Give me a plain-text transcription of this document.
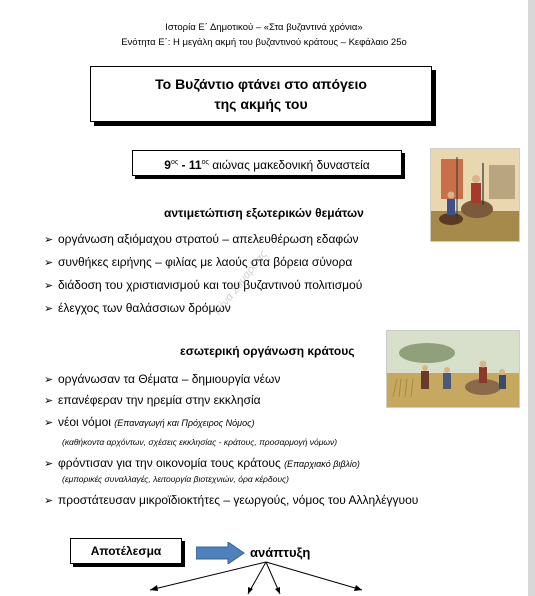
Ιστορία Ε΄ Δημοτικού – «Στα βυζαντινά χρόνια»
Ενότητα Ε΄: Η μεγάλη ακμή του βυζαντινού κράτους – Κεφάλαιο 25ο
Το Βυζάντιο φτάνει στο απόγειο
της ακμής του
$9^{o\varsigma} - 11^{o\varsigma}$ αιώνας μακεδονική δυναστεία
αντιμετώπιση εξωτερικών θεμάτων
➢ οργάνωση αξιόμαχου στρατού – απελευθέρωση εδαφών
➢ συνθήκες ειρήνης – φιλίας με λαούς στα βόρεια σύνορα
➢ διάδοση του χριστιανισμού και του βυζαντινού πολιτισμού
➢ έλεγχος των θαλάσσιων δρόμων
Ρένα Σαμαρίνας
εσωτερική οργάνωση κράτους
➢ οργάνωσαν τα Θέματα – δημιουργία νέων
➢ επανέφεραν την ηρεμία στην εκκλησία
➢ νέοι νόμοι (Επαναγωγή και Πρόχειρος Νόμος)
➢ φρόντισαν για την οικονομία τους κράτους (Επαρχιακό βιβλίο)
➢ προστάτευσαν μικροϊδιοκτήτες – γεωργούς, νόμος του Αλληλέγγυου
(καθήκοντα αρχόντων, σχέσεις εκκλησίας - κράτους, προσαρμογή νόμων)
(εμπορικές συναλλαγές, λειτουργία βιοτεχνιών, όρα κέρδους)
Αποτέλεσμα	ανάπτυξη
